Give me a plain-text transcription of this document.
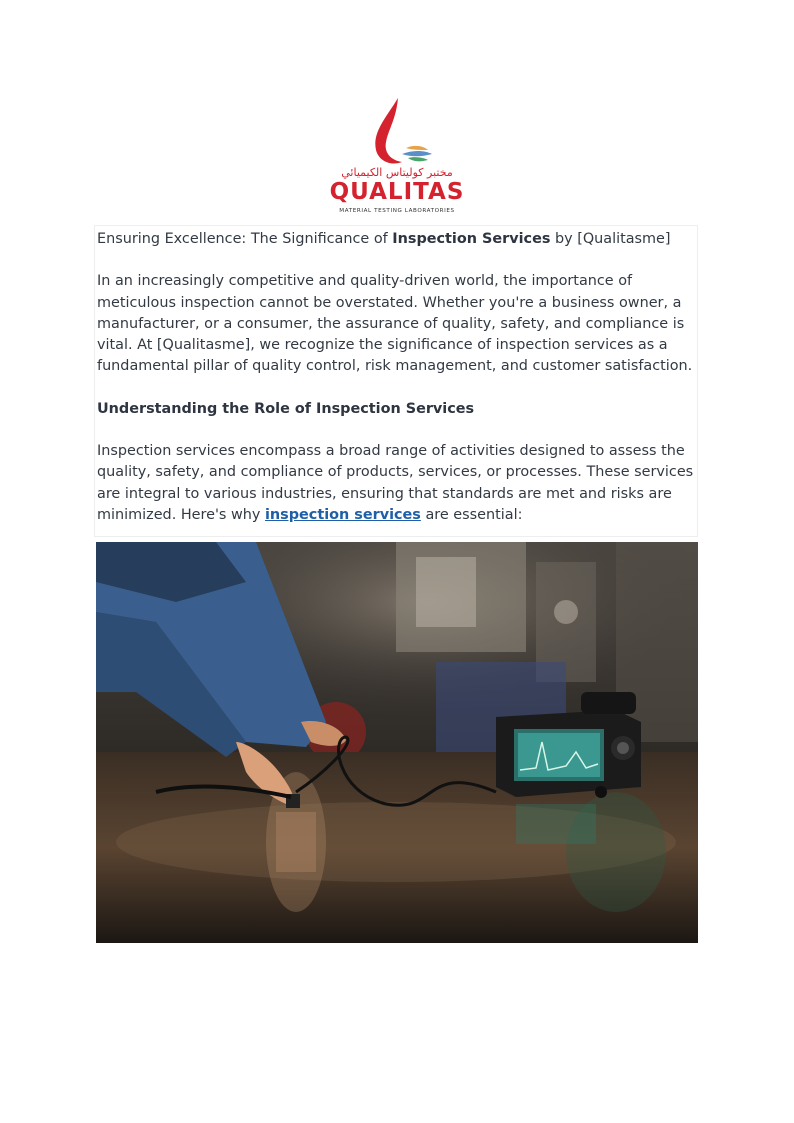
مختبر كوليتاس الكيميائي
QUALITAS
MATERIAL TESTING LABORATORIES

Ensuring Excellence: The Significance of Inspection Services by [Qualitasme]

In an increasingly competitive and quality-driven world, the importance of meticulous inspection cannot be overstated. Whether you're a business owner, a manufacturer, or a consumer, the assurance of quality, safety, and compliance is vital. At [Qualitasme], we recognize the significance of inspection services as a fundamental pillar of quality control, risk management, and customer satisfaction.

Understanding the Role of Inspection Services

Inspection services encompass a broad range of activities designed to assess the quality, safety, and compliance of products, services, or processes. These services are integral to various industries, ensuring that standards are met and risks are minimized. Here's why inspection services are essential:
